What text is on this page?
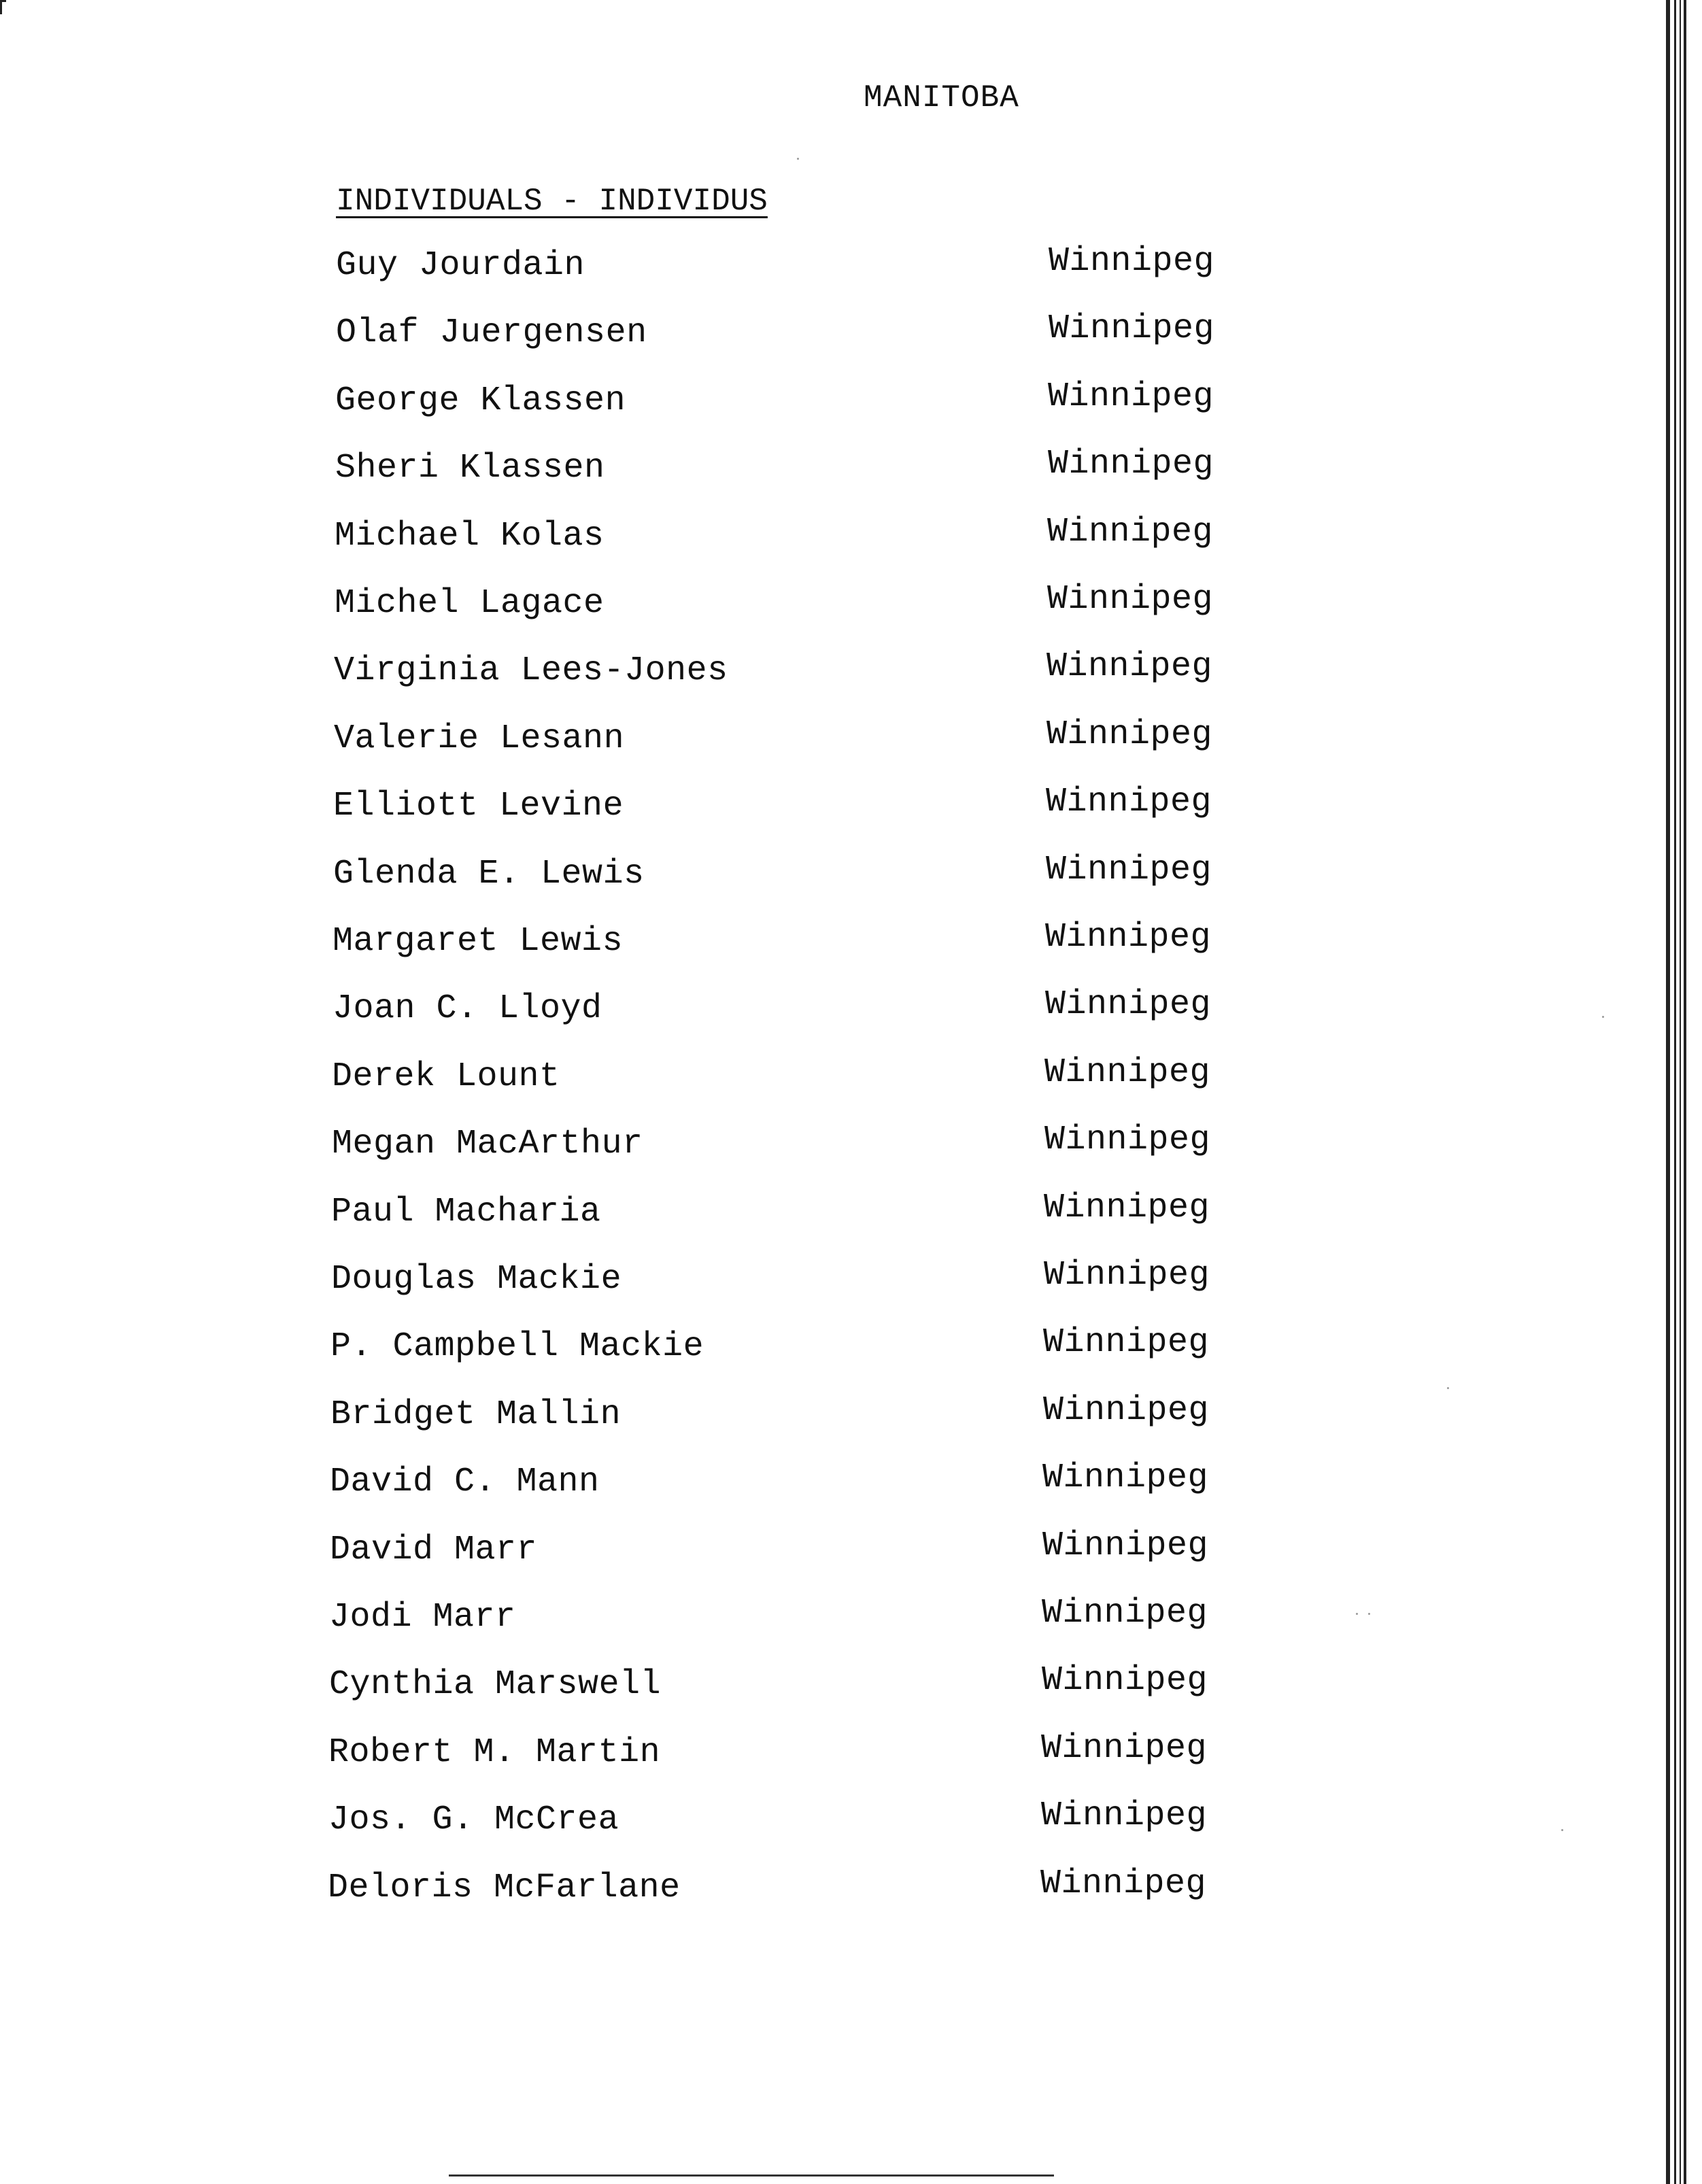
MANITOBA
INDIVIDUALS - INDIVIDUS
Guy Jourdain	Winnipeg
Olaf Juergensen	Winnipeg
George Klassen	Winnipeg
Sheri Klassen	Winnipeg
Michael Kolas	Winnipeg
Michel Lagace	Winnipeg
Virginia Lees-Jones	Winnipeg
Valerie Lesann	Winnipeg
Elliott Levine	Winnipeg
Glenda E. Lewis	Winnipeg
Margaret Lewis	Winnipeg
Joan C. Lloyd	Winnipeg
Derek Lount	Winnipeg
Megan MacArthur	Winnipeg
Paul Macharia	Winnipeg
Douglas Mackie	Winnipeg
P. Campbell Mackie	Winnipeg
Bridget Mallin	Winnipeg
David C. Mann	Winnipeg
David Marr	Winnipeg
Jodi Marr	Winnipeg
Cynthia Marswell	Winnipeg
Robert M. Martin	Winnipeg
Jos. G. McCrea	Winnipeg
Deloris McFarlane	Winnipeg
